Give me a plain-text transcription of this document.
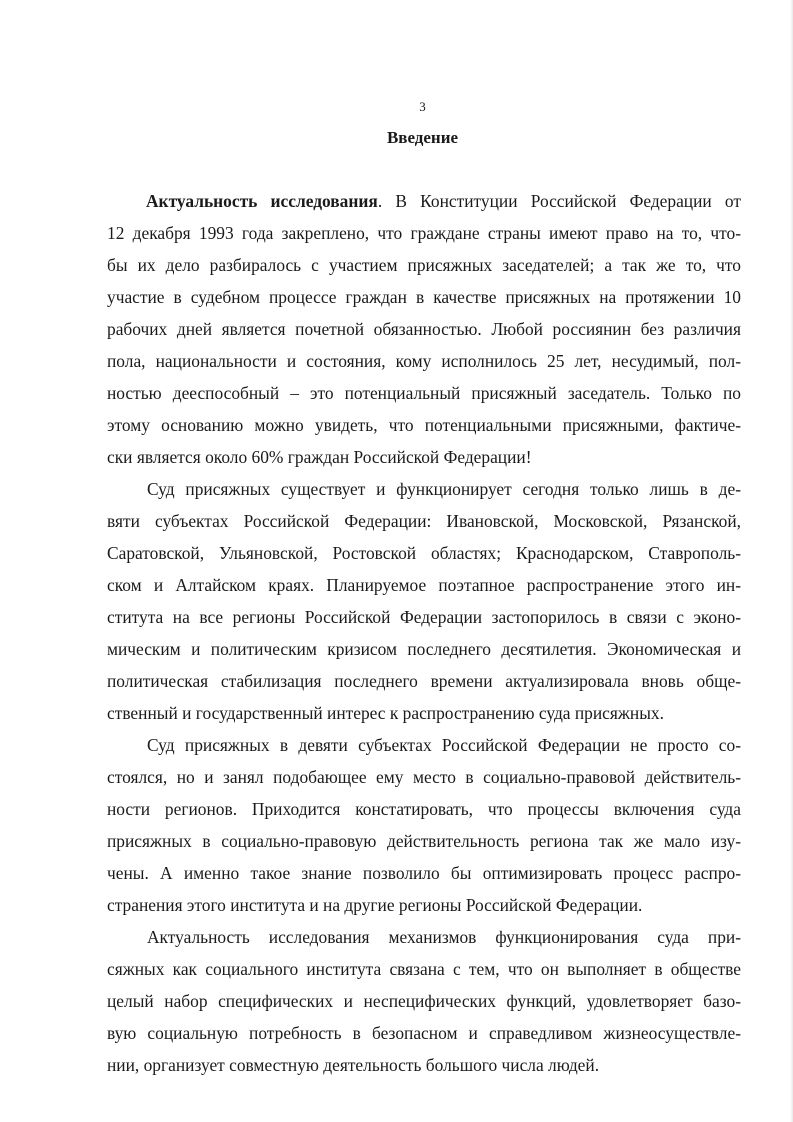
3
Введение
Актуальность исследования. В Конституции Российской Федерации от
12 декабря 1993 года закреплено, что граждане страны имеют право на то, что-
бы их дело разбиралось с участием присяжных заседателей; а так же то, что
участие в судебном процессе граждан в качестве присяжных на протяжении 10
рабочих дней является почетной обязанностью. Любой россиянин без различия
пола, национальности и состояния, кому исполнилось 25 лет, несудимый, пол-
ностью дееспособный – это потенциальный присяжный заседатель. Только по
этому основанию можно увидеть, что потенциальными присяжными, фактиче-
ски является около 60% граждан Российской Федерации!
Суд присяжных существует и функционирует сегодня только лишь в де-
вяти субъектах Российской Федерации: Ивановской, Московской, Рязанской,
Саратовской, Ульяновской, Ростовской областях; Краснодарском, Ставрополь-
ском и Алтайском краях. Планируемое поэтапное распространение этого ин-
ститута на все регионы Российской Федерации застопорилось в связи с эконо-
мическим и политическим кризисом последнего десятилетия. Экономическая и
политическая стабилизация последнего времени актуализировала вновь обще-
ственный и государственный интерес к распространению суда присяжных.
Суд присяжных в девяти субъектах Российской Федерации не просто со-
стоялся, но и занял подобающее ему место в социально-правовой действитель-
ности регионов. Приходится констатировать, что процессы включения суда
присяжных в социально-правовую действительность региона так же мало изу-
чены. А именно такое знание позволило бы оптимизировать процесс распро-
странения этого института и на другие регионы Российской Федерации.
Актуальность исследования механизмов функционирования суда при-
сяжных как социального института связана с тем, что он выполняет в обществе
целый набор специфических и неспецифических функций, удовлетворяет базо-
вую социальную потребность в безопасном и справедливом жизнеосуществле-
нии, организует совместную деятельность большого числа людей.
